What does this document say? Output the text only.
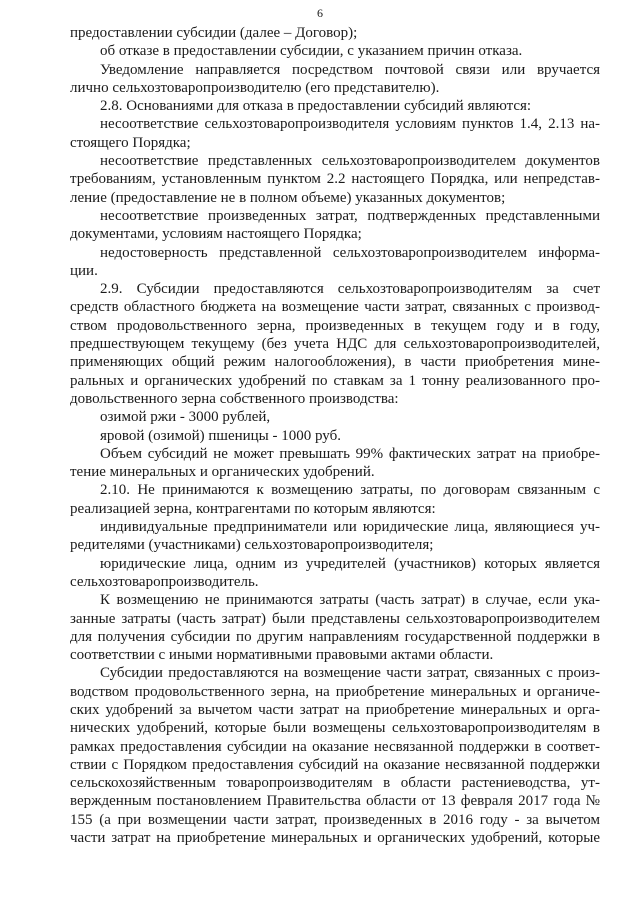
6
предоставлении субсидии (далее – Договор);
об отказе в предоставлении субсидии, с указанием причин отказа.
Уведомление направляется посредством почтовой связи или вручается
лично сельхозтоваропроизводителю (его представителю).
2.8. Основаниями для отказа в предоставлении субсидий являются:
несоответствие сельхозтоваропроизводителя условиям пунктов 1.4, 2.13 на-
стоящего Порядка;
несоответствие представленных сельхозтоваропроизводителем документов
требованиям, установленным пунктом 2.2 настоящего Порядка, или непредстав-
ление (предоставление не в полном объеме) указанных документов;
несоответствие произведенных затрат, подтвержденных представленными
документами, условиям настоящего Порядка;
недостоверность представленной сельхозтоваропроизводителем информа-
ции.
2.9. Субсидии предоставляются сельхозтоваропроизводителям за счет
средств областного бюджета на возмещение части затрат, связанных с производ-
ством продовольственного зерна, произведенных в текущем году и в году,
предшествующем текущему (без учета НДС для сельхозтоваропроизводителей,
применяющих общий режим налогообложения), в части приобретения мине-
ральных и органических удобрений по ставкам за 1 тонну реализованного про-
довольственного зерна собственного производства:
озимой ржи - 3000 рублей,
яровой (озимой) пшеницы - 1000 руб.
Объем субсидий не может превышать 99% фактических затрат на приобре-
тение минеральных и органических удобрений.
2.10. Не принимаются к возмещению затраты, по договорам связанным с
реализацией зерна, контрагентами по которым являются:
индивидуальные предприниматели или юридические лица, являющиеся уч-
редителями (участниками) сельхозтоваропроизводителя;
юридические лица, одним из учредителей (участников) которых является
сельхозтоваропроизводитель.
К возмещению не принимаются затраты (часть затрат) в случае, если ука-
занные затраты (часть затрат) были представлены сельхозтоваропроизводителем
для получения субсидии по другим направлениям государственной поддержки в
соответствии с иными нормативными правовыми актами области.
Субсидии предоставляются на возмещение части затрат, связанных с произ-
водством продовольственного зерна, на приобретение минеральных и органиче-
ских удобрений за вычетом части затрат на приобретение минеральных и орга-
нических удобрений, которые были возмещены сельхозтоваропроизводителям в
рамках предоставления субсидии на оказание несвязанной поддержки в соответ-
ствии с Порядком предоставления субсидий на оказание несвязанной поддержки
сельскохозяйственным товаропроизводителям в области растениеводства, ут-
вержденным постановлением Правительства области от 13 февраля 2017 года №
155 (а при возмещении части затрат, произведенных в 2016 году - за вычетом
части затрат на приобретение минеральных и органических удобрений, которые
